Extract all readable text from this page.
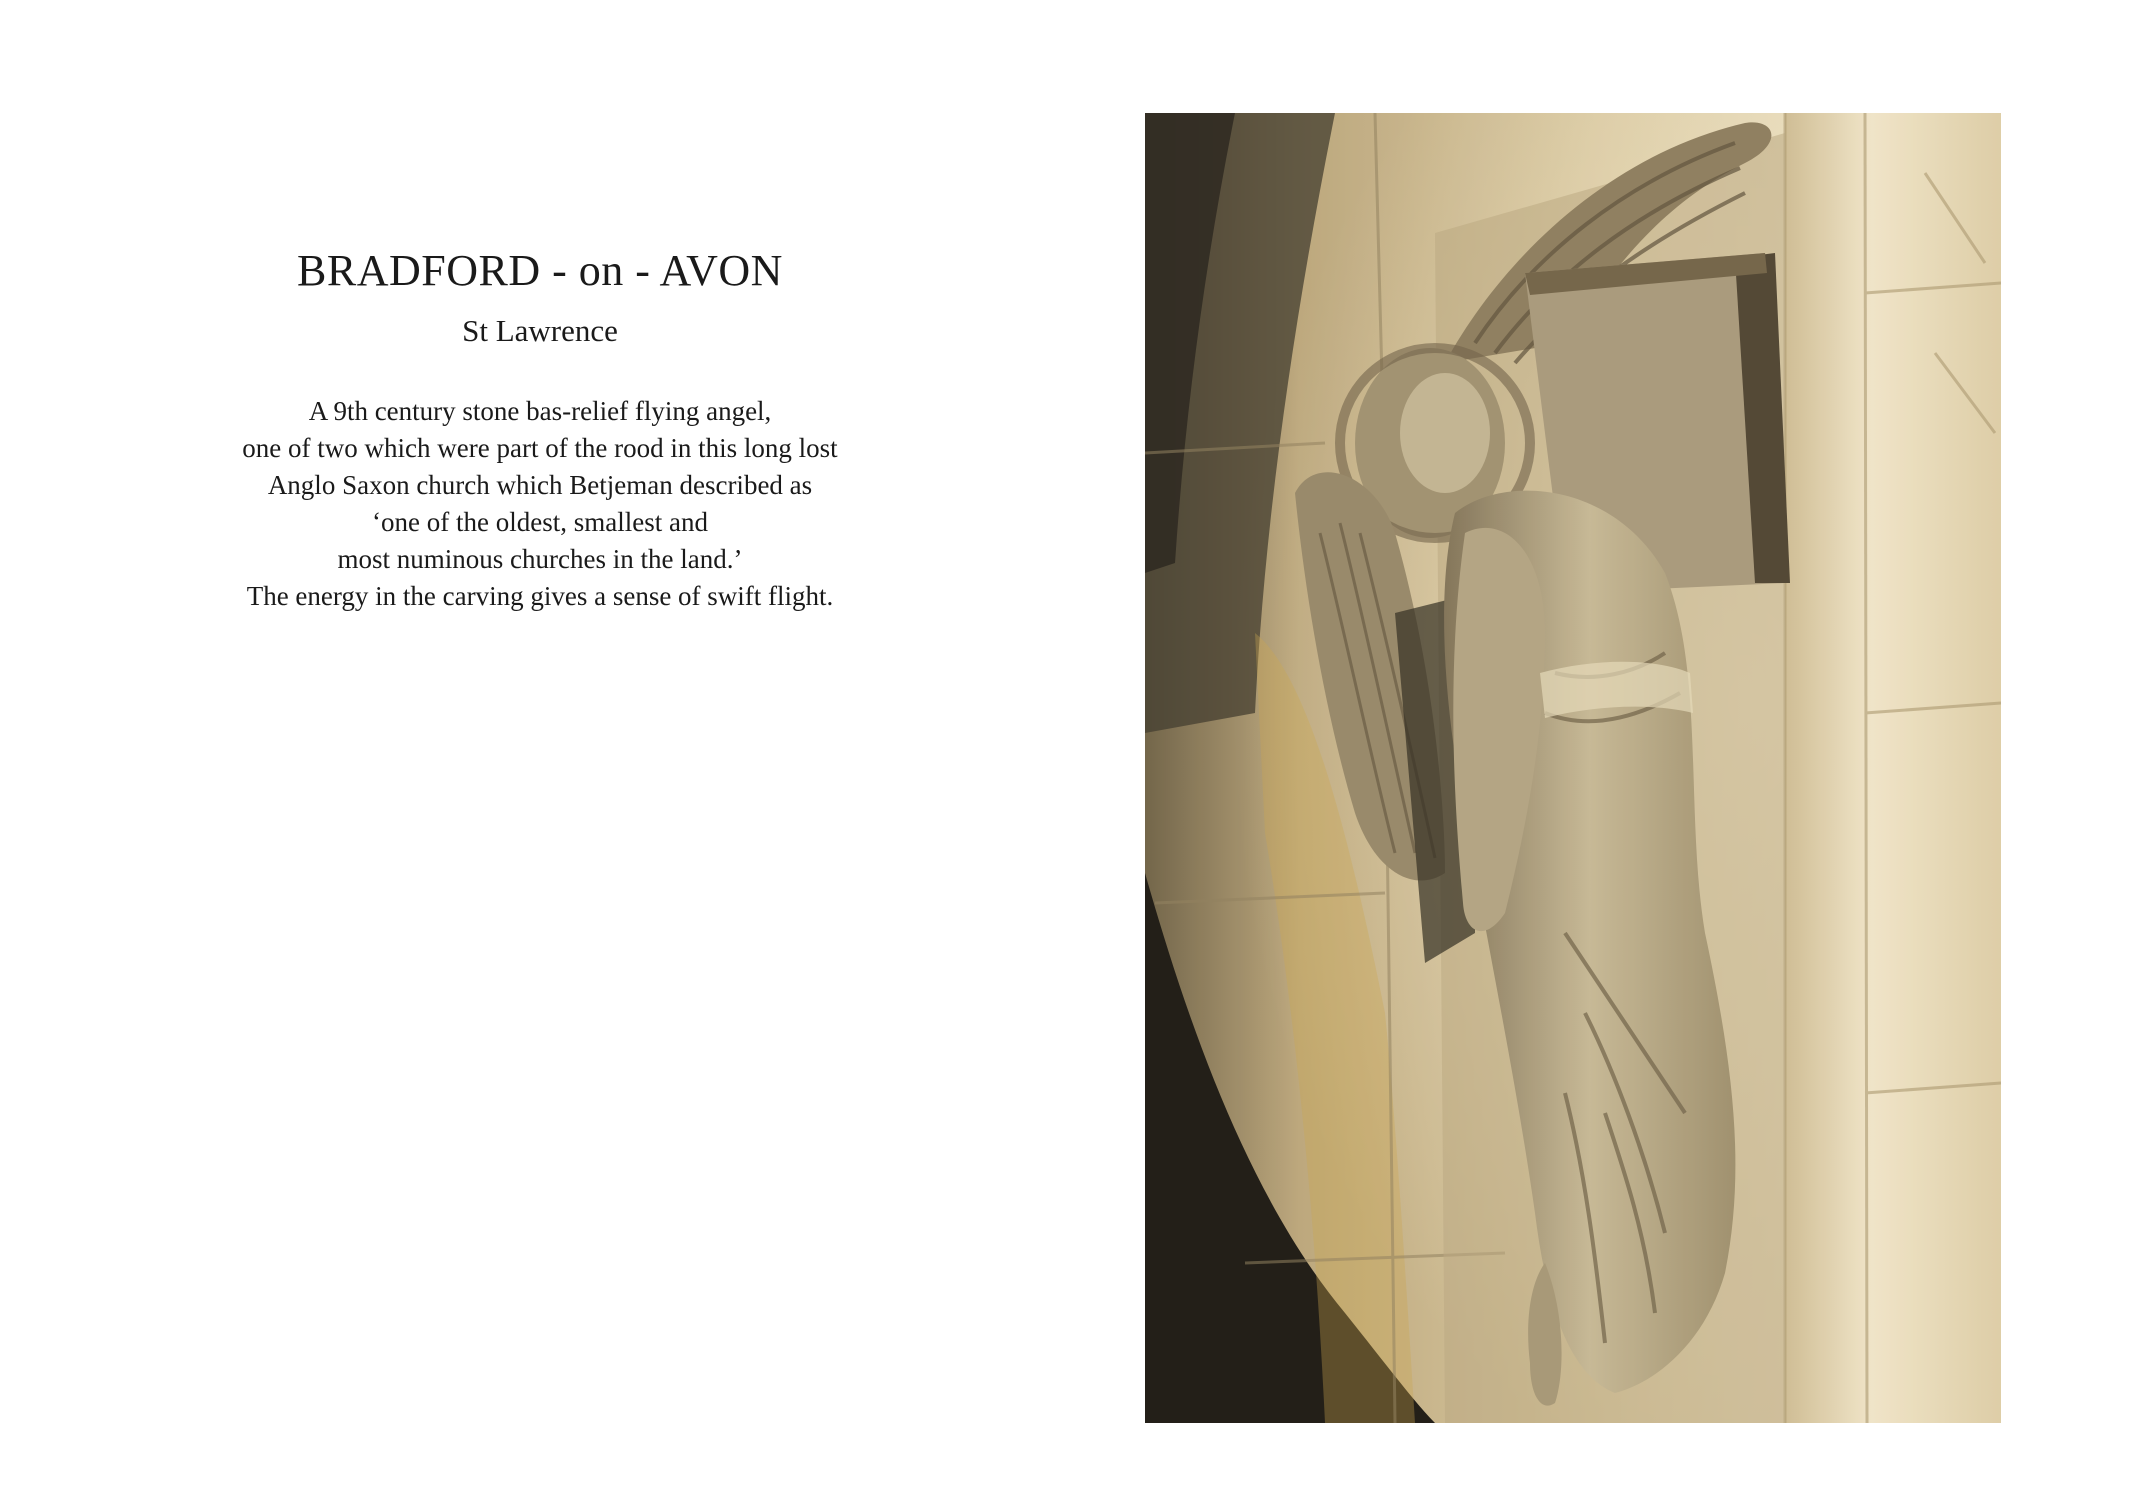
BRADFORD - on - AVON
St Lawrence
A 9th century stone bas-relief flying angel,
one of two which were part of the rood in this long lost
Anglo Saxon church which Betjeman described as
‘one of the oldest, smallest and
most numinous churches in the land.’
The energy in the carving gives a sense of swift flight.
